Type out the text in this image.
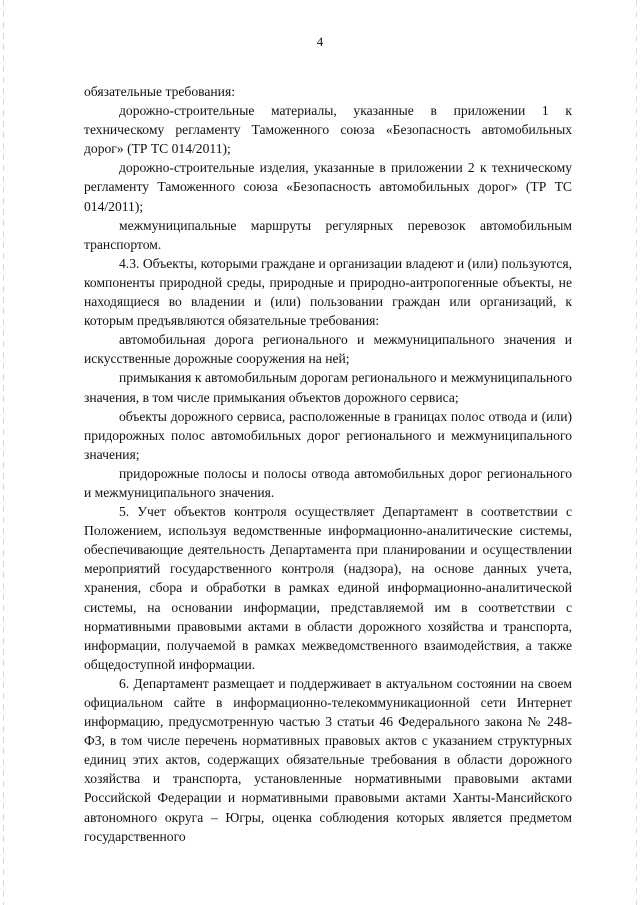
4

обязательные требования:

дорожно-строительные материалы, указанные в приложении 1 к техническому регламенту Таможенного союза «Безопасность автомобильных дорог» (ТР ТС 014/2011);

дорожно-строительные изделия, указанные в приложении 2 к техническому регламенту Таможенного союза «Безопасность автомобильных дорог» (ТР ТС 014/2011);

межмуниципальные маршруты регулярных перевозок автомобильным транспортом.

4.3. Объекты, которыми граждане и организации владеют и (или) пользуются, компоненты природной среды, природные и природно-антропогенные объекты, не находящиеся во владении и (или) пользовании граждан или организаций, к которым предъявляются обязательные требования:

автомобильная дорога регионального и межмуниципального значения и искусственные дорожные сооружения на ней;

примыкания к автомобильным дорогам регионального и межмуниципального значения, в том числе примыкания объектов дорожного сервиса;

объекты дорожного сервиса, расположенные в границах полос отвода и (или) придорожных полос автомобильных дорог регионального и межмуниципального значения;

придорожные полосы и полосы отвода автомобильных дорог регионального и межмуниципального значения.

5. Учет объектов контроля осуществляет Департамент в соответствии с Положением, используя ведомственные информационно-аналитические системы, обеспечивающие деятельность Департамента при планировании и осуществлении мероприятий государственного контроля (надзора), на основе данных учета, хранения, сбора и обработки в рамках единой информационно-аналитической системы, на основании информации, представляемой им в соответствии с нормативными правовыми актами в области дорожного хозяйства и транспорта, информации, получаемой в рамках межведомственного взаимодействия, а также общедоступной информации.

6. Департамент размещает и поддерживает в актуальном состоянии на своем официальном сайте в информационно-телекоммуникационной сети Интернет информацию, предусмотренную частью 3 статьи 46 Федерального закона № 248-ФЗ, в том числе перечень нормативных правовых актов с указанием структурных единиц этих актов, содержащих обязательные требования в области дорожного хозяйства и транспорта, установленные нормативными правовыми актами Российской Федерации и нормативными правовыми актами Ханты-Мансийского автономного округа – Югры, оценка соблюдения которых является предметом государственного
